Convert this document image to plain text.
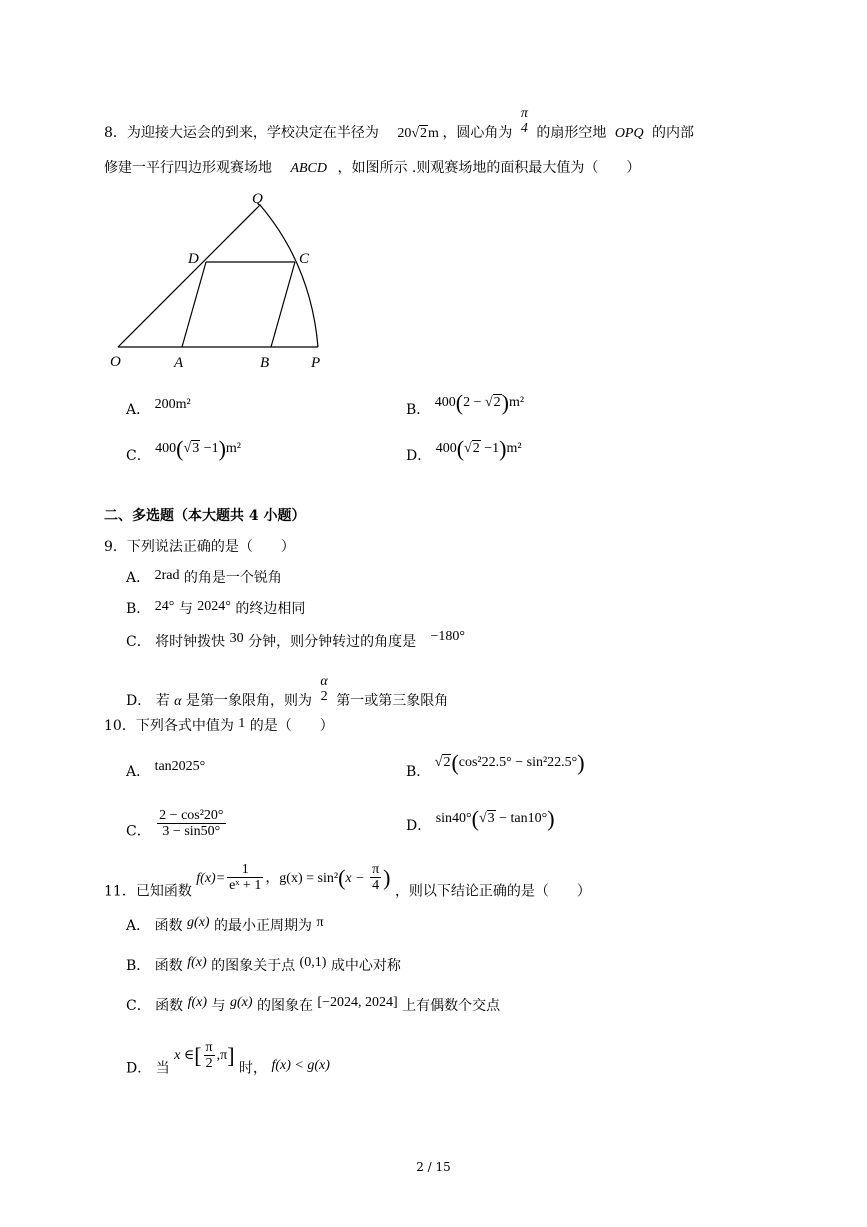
8．为迎接大运会的到来，学校决定在半径为 20√2m ，圆心角为
π
4 的扇形空地 OPQ 的内部
修建一平行四边形观赛场地 ABCD ，如图所示 .则观赛场地的面积最大值为（　　）
Q
D	C
O	A	B	P
A． 200m²	B． 400(2 − √2)m²
C． 400(√3 −1)m²	D． 400(√2 −1)m²
二、多选题（本大题共 4 小题）
9．下列说法正确的是（　　）
A． 2rad 的角是一个锐角
B． 24° 与 2024° 的终边相同
C． 将时钟拨快 30 分钟，则分钟转过的角度是 −180°
D． 若 α 是第一象限角，则为
α
2 第一或第三象限角
10．下列各式中值为 1 的是（　　）
A． tan2025°	B． √2(cos²22.5° − sin²22.5°)
C． $\frac{\text{2 − cos²20°}}{3 - \sin 50^\circ}$	D． sin40°(√3 − tan10°)
11．已知函数 $f(x)= \frac{1}{\text{eˣ + 1}}$ ，$g(x) = \sin^2(x - \frac{\pi}{4}$ ) ，则以下结论正确的是（　　）
A． 函数 g(x) 的最小正周期为 π
B． 函数 f(x) 的图象关于点 (0,1) 成中心对称
C． 函数 f(x) 与 g(x) 的图象在 [−2024, 2024] 上有偶数个交点
D． 当 x ∈[ $\frac{\pi}{2} ,\pi$] 时， f(x) < g(x)
2 / 15
